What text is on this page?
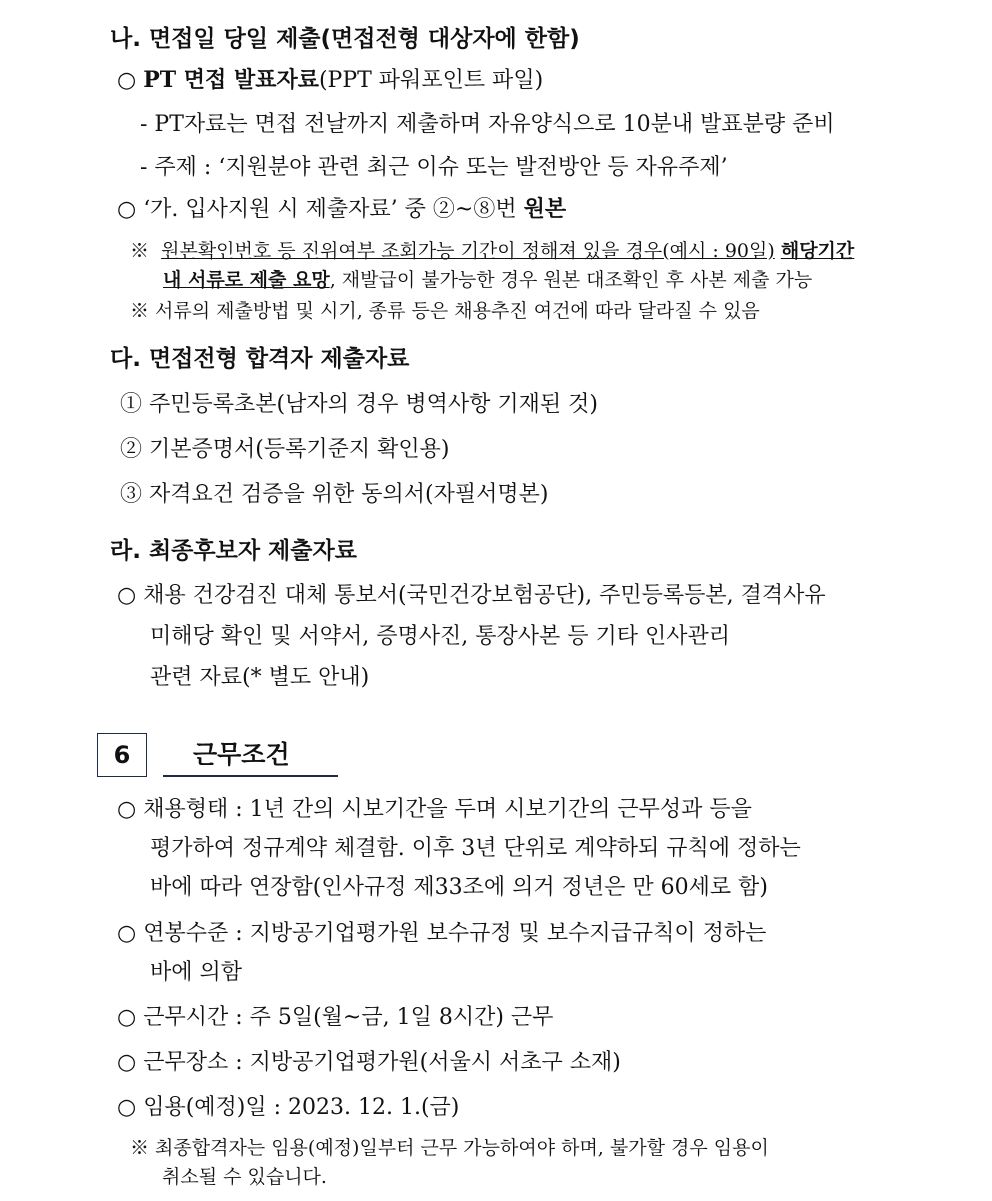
나. 면접일 당일 제출(면접전형 대상자에 한함)
○ PT 면접 발표자료(PPT 파워포인트 파일)
- PT자료는 면접 전날까지 제출하며 자유양식으로 10분내 발표분량 준비
- 주제 : ‘지원분야 관련 최근 이슈 또는 발전방안 등 자유주제’
○ ‘가. 입사지원 시 제출자료’ 중 ②~⑧번 원본
※ 원본확인번호 등 진위여부 조회가능 기간이 정해져 있을 경우(예시 : 90일) 해당기간
내 서류로 제출 요망, 재발급이 불가능한 경우 원본 대조확인 후 사본 제출 가능
※ 서류의 제출방법 및 시기, 종류 등은 채용추진 여건에 따라 달라질 수 있음
다. 면접전형 합격자 제출자료
① 주민등록초본(남자의 경우 병역사항 기재된 것)
② 기본증명서(등록기준지 확인용)
③ 자격요건 검증을 위한 동의서(자필서명본)
라. 최종후보자 제출자료
○ 채용 건강검진 대체 통보서(국민건강보험공단), 주민등록등본, 결격사유
미해당 확인 및 서약서, 증명사진, 통장사본 등 기타 인사관리
관련 자료(* 별도 안내)
6	근무조건
○ 채용형태 : 1년 간의 시보기간을 두며 시보기간의 근무성과 등을
평가하여 정규계약 체결함. 이후 3년 단위로 계약하되 규칙에 정하는
바에 따라 연장함(인사규정 제33조에 의거 정년은 만 60세로 함)
○ 연봉수준 : 지방공기업평가원 보수규정 및 보수지급규칙이 정하는
바에 의함
○ 근무시간 : 주 5일(월~금, 1일 8시간) 근무
○ 근무장소 : 지방공기업평가원(서울시 서초구 소재)
○ 임용(예정)일 : 2023. 12. 1.(금)
※ 최종합격자는 임용(예정)일부터 근무 가능하여야 하며, 불가할 경우 임용이
취소될 수 있습니다.
